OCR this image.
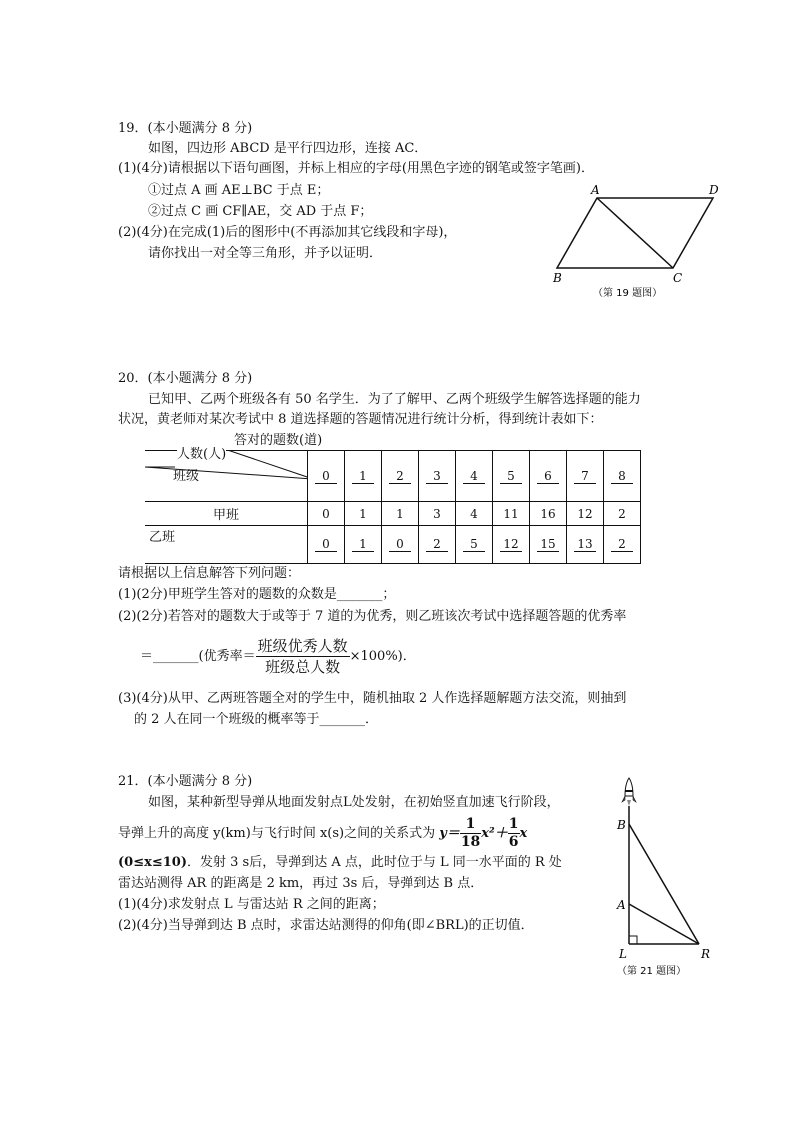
19．(本小题满分 8 分)
如图，四边形 ABCD 是平行四边形，连接 AC．
(1)(4分)请根据以下语句画图，并标上相应的字母(用黑色字迹的钢笔或签字笔画)．
①过点 A 画 AE⊥BC 于点 E；
②过点 C 画 CF∥AE，交 AD 于点 F；
(2)(4分)在完成(1)后的图形中(不再添加其它线段和字母)，
请你找出一对全等三角形，并予以证明．
A	D
B	C
（第 19 题图）
20．(本小题满分 8 分)
已知甲、乙两个班级各有 50 名学生．为了了解甲、乙两个班级学生解答选择题的能力
状况，黄老师对某次考试中 8 道选择题的答题情况进行统计分析，得到统计表如下：
答对的题数(道)
人数(人)
班级	0	1	2	3	4	5	6	7	8
甲班	0	1	1	3	4	11	16	12	2
乙班	0	1	0	2	5	12	15	13	2
请根据以上信息解答下列问题：
(1)(2分)甲班学生答对的题数的众数是_______；
(2)(2分)若答对的题数大于或等于 7 道的为优秀，则乙班该次考试中选择题答题的优秀率
＝_______(优秀率＝ $\frac{\text{班级优秀人数}}{\text{班级总人数}} \times 100\%$)．
(3)(4分)从甲、乙两班答题全对的学生中，随机抽取 2 人作选择题解题方法交流，则抽到
的 2 人在同一个班级的概率等于_______．
21．(本小题满分 8 分)
如图，某种新型导弹从地面发射点L处发射，在初始竖直加速飞行阶段，
导弹上升的高度 y(km)与飞行时间 x(s)之间的关系式为 $y= \frac{1}{18} x^2+ \frac{1}{6}$ x
(0≤x≤10)．发射 3 s后，导弹到达 A 点，此时位于与 L 同一水平面的 R 处
雷达站测得 AR 的距离是 2 km，再过 3s 后，导弹到达 B 点．
(1)(4分)求发射点 L 与雷达站 R 之间的距离；
(2)(4分)当导弹到达 B 点时，求雷达站测得的仰角(即∠BRL)的正切值．
B
A
L	R
（第 21 题图）
